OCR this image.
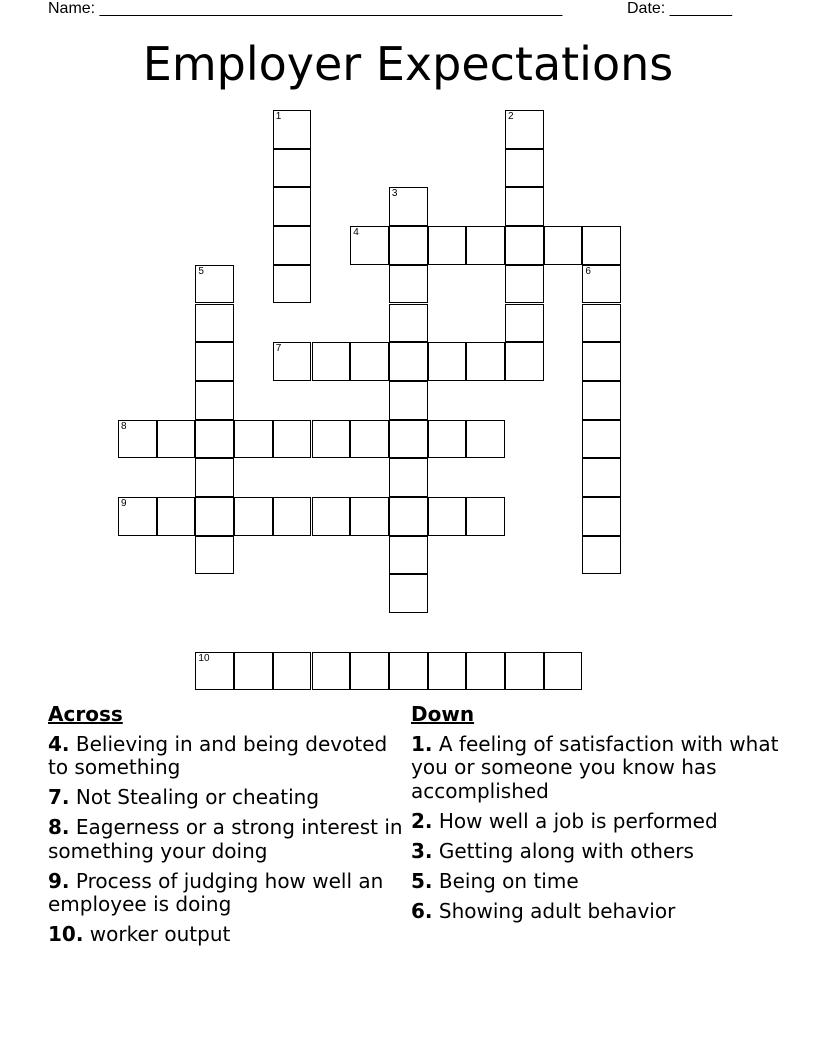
Name: ____________________________________________________	Date: _______
Employer Expectations
4
7
8
9
10
1	2
3
5	6
Across
4. Believing in and being devoted to something
7. Not Stealing or cheating
8. Eagerness or a strong interest in something your doing
9. Process of judging how well an employee is doing
10. worker output
Down
1. A feeling of satisfaction with what you or someone you know has accomplished
2. How well a job is performed
3. Getting along with others
5. Being on time
6. Showing adult behavior
